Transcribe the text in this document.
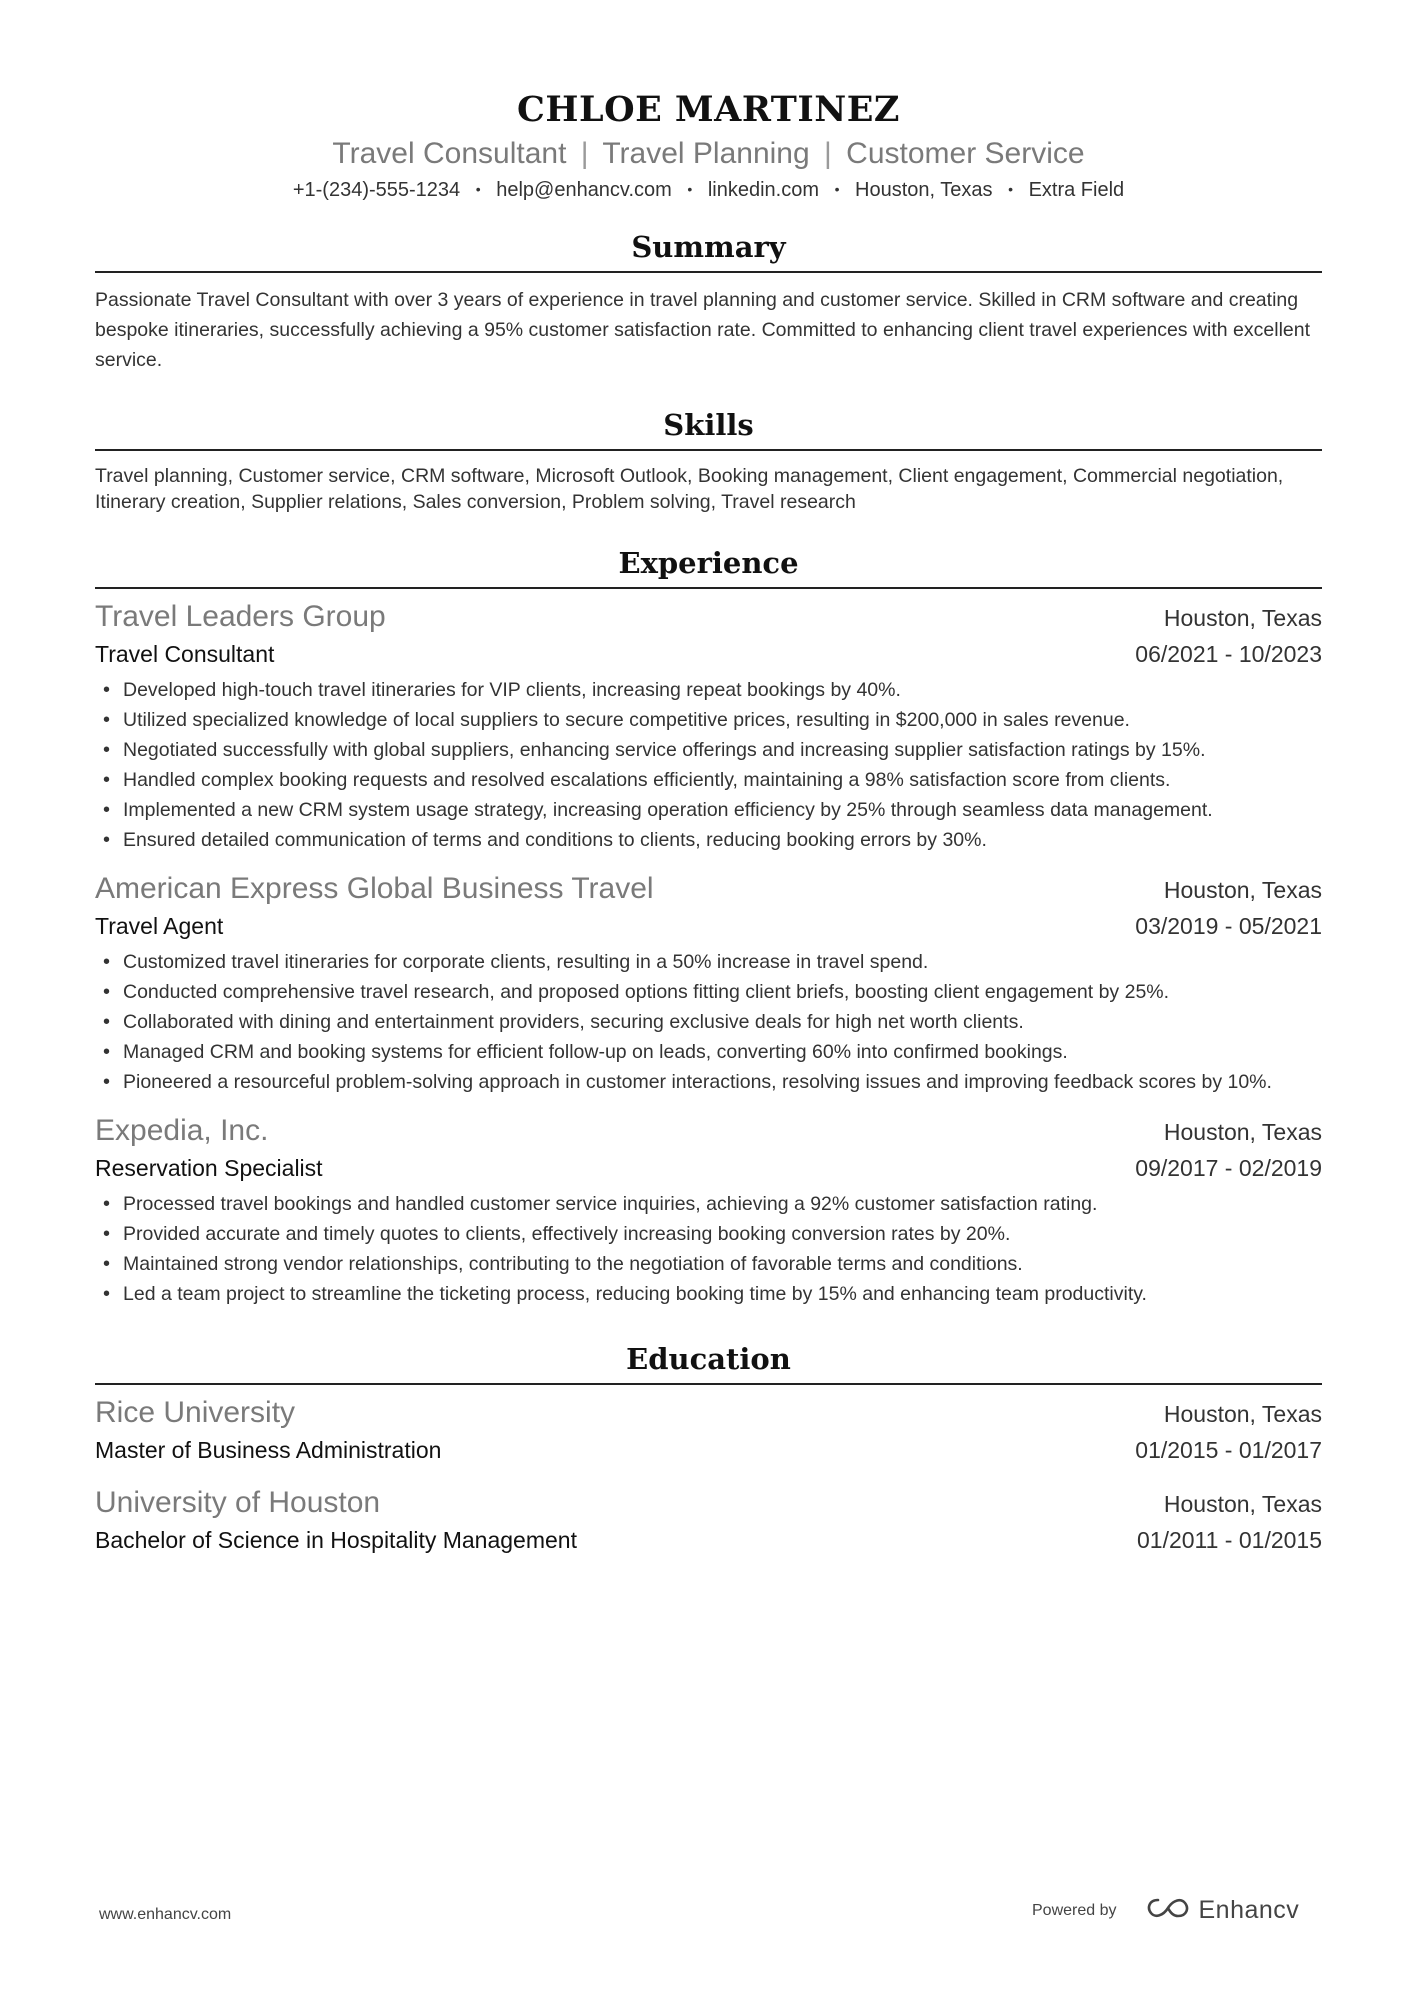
CHLOE MARTINEZ
Travel Consultant | Travel Planning | Customer Service
+1-(234)-555-1234 • help@enhancv.com • linkedin.com • Houston, Texas • Extra Field
Summary
Passionate Travel Consultant with over 3 years of experience in travel planning and customer service. Skilled in CRM software and creating bespoke itineraries, successfully achieving a 95% customer satisfaction rate. Committed to enhancing client travel experiences with excellent service.
Skills
Travel planning, Customer service, CRM software, Microsoft Outlook, Booking management, Client engagement, Commercial negotiation, Itinerary creation, Supplier relations, Sales conversion, Problem solving, Travel research
Experience
Travel Leaders Group	Houston, Texas
Travel Consultant	06/2021 - 10/2023
• Developed high-touch travel itineraries for VIP clients, increasing repeat bookings by 40%.
• Utilized specialized knowledge of local suppliers to secure competitive prices, resulting in $200,000 in sales revenue.
• Negotiated successfully with global suppliers, enhancing service offerings and increasing supplier satisfaction ratings by 15%.
• Handled complex booking requests and resolved escalations efficiently, maintaining a 98% satisfaction score from clients.
• Implemented a new CRM system usage strategy, increasing operation efficiency by 25% through seamless data management.
• Ensured detailed communication of terms and conditions to clients, reducing booking errors by 30%.
American Express Global Business Travel	Houston, Texas
Travel Agent	03/2019 - 05/2021
• Customized travel itineraries for corporate clients, resulting in a 50% increase in travel spend.
• Conducted comprehensive travel research, and proposed options fitting client briefs, boosting client engagement by 25%.
• Collaborated with dining and entertainment providers, securing exclusive deals for high net worth clients.
• Managed CRM and booking systems for efficient follow-up on leads, converting 60% into confirmed bookings.
• Pioneered a resourceful problem-solving approach in customer interactions, resolving issues and improving feedback scores by 10%.
Expedia, Inc.	Houston, Texas
Reservation Specialist	09/2017 - 02/2019
• Processed travel bookings and handled customer service inquiries, achieving a 92% customer satisfaction rating.
• Provided accurate and timely quotes to clients, effectively increasing booking conversion rates by 20%.
• Maintained strong vendor relationships, contributing to the negotiation of favorable terms and conditions.
• Led a team project to streamline the ticketing process, reducing booking time by 15% and enhancing team productivity.
Education
Rice University	Houston, Texas
Master of Business Administration	01/2015 - 01/2017
University of Houston	Houston, Texas
Bachelor of Science in Hospitality Management	01/2011 - 01/2015
www.enhancv.com	Powered by	Enhancv
